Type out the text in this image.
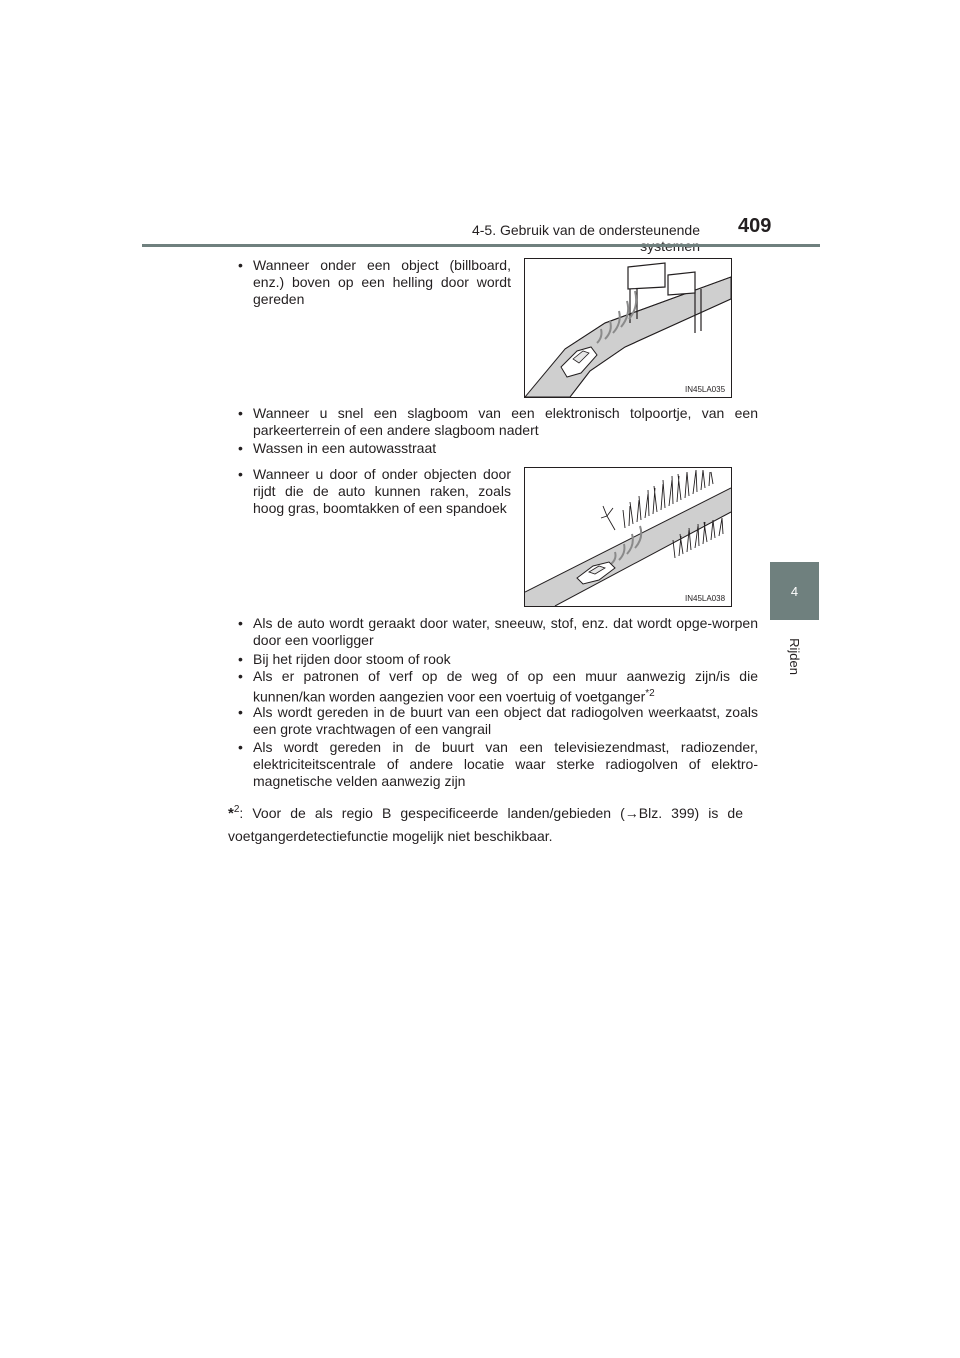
4-5. Gebruik van de ondersteunende 409
4
Rijden
• Wanneer onder een object (billboard, enz.) boven op een helling door wordt gereden
IN45LA035
• Wanneer u snel een slagboom van een elektronisch tolpoortje, van een parkeerterrein of een andere slagboom nadert
• Wassen in een autowasstraat
• Wanneer u door of onder objecten door rijdt die de auto kunnen raken, zoals hoog gras, boomtakken of een spandoek
IN45LA038
• Als de auto wordt geraakt door water, sneeuw, stof, enz. dat wordt opge-worpen door een voorligger
• Bij het rijden door stoom of rook
• Als er patronen of verf op de weg of op een muur aanwezig zijn/is die kunnen/kan worden aangezien voor een voertuig of voetganger$^{*2}$
• Als wordt gereden in de buurt van een object dat radiogolven weerkaatst, zoals een grote vrachtwagen of een vangrail
• Als wordt gereden in de buurt van een televisiezendmast, radiozender, elektriciteitscentrale of andere locatie waar sterke radiogolven of elektro-magnetische velden aanwezig zijn
*$^2$: Voor de als regio B gespecificeerde landen/gebieden (→Blz. 399) is de voetgangerdetectiefunctie mogelijk niet beschikbaar.
